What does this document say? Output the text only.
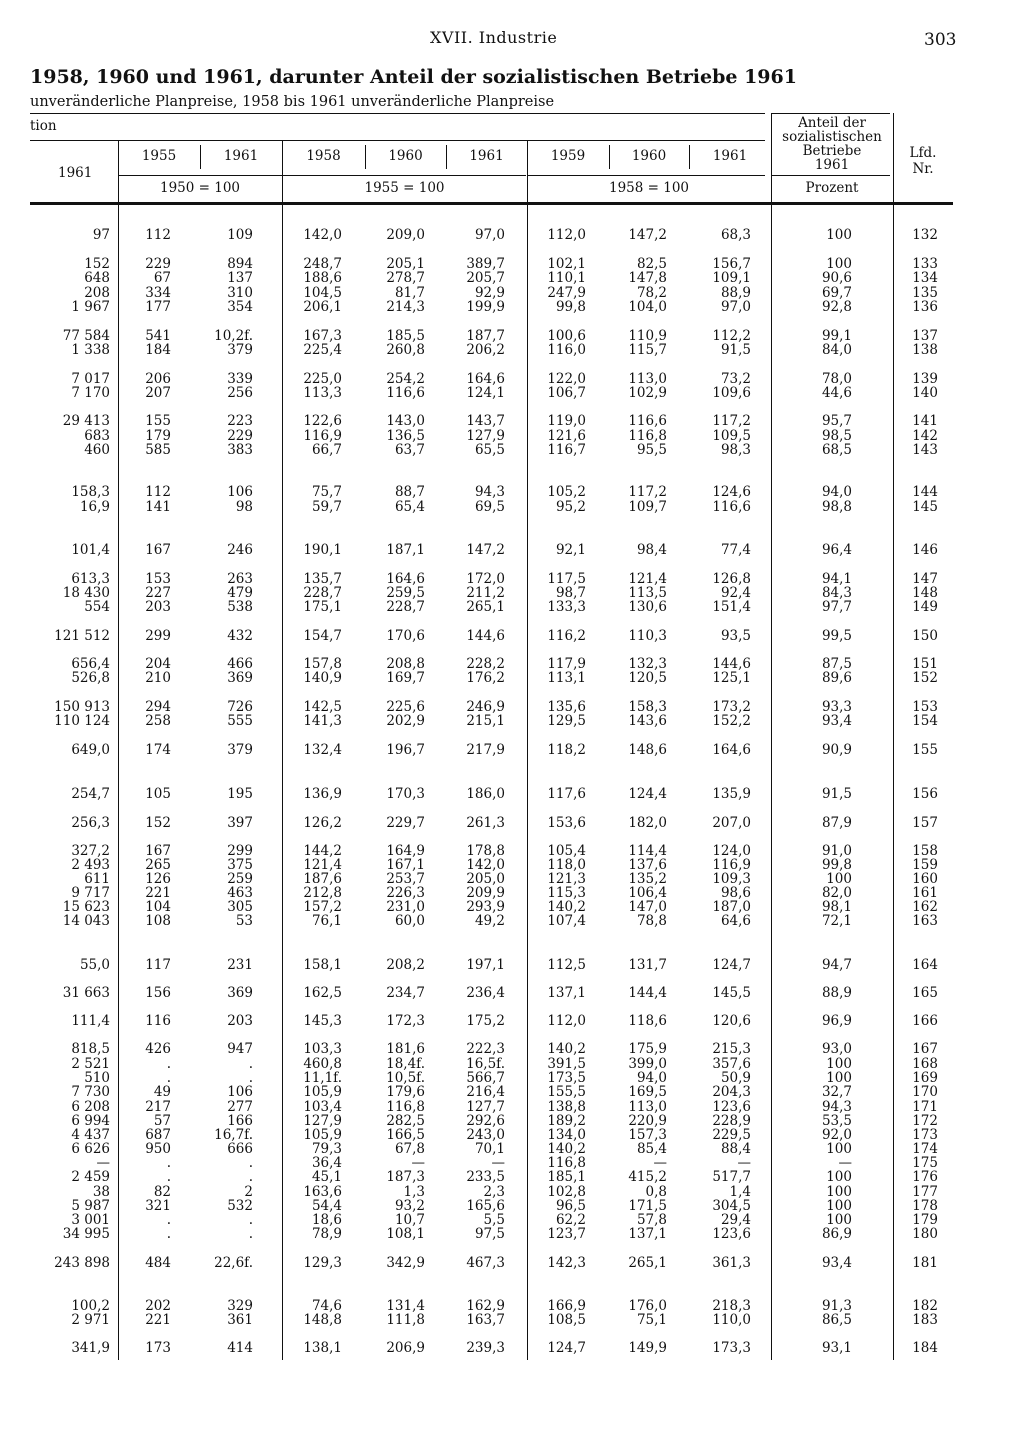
XVII. Industrie	303
1958, 1960 und 1961, darunter Anteil der sozialistischen Betriebe 1961
unveränderliche Planpreise, 1958 bis 1961 unveränderliche Planpreise
tion
1961
1955	1961
1950 = 100
1958	1960	1961
1955 = 100
1959	1960	1961
1958 = 100
Anteil der
sozialistischen
Betriebe
1961
Prozent
Lfd.
Nr.
97	112	109	142,0	209,0	97,0	112,0	147,2	68,3	100	132
152	229	894	248,7	205,1	389,7	102,1	82,5	156,7	100	133
648	67	137	188,6	278,7	205,7	110,1	147,8	109,1	90,6	134
208	334	310	104,5	81,7	92,9	247,9	78,2	88,9	69,7	135
1 967	177	354	206,1	214,3	199,9	99,8	104,0	97,0	92,8	136
77 584	541	10,2f.	167,3	185,5	187,7	100,6	110,9	112,2	99,1	137
1 338	184	379	225,4	260,8	206,2	116,0	115,7	91,5	84,0	138
7 017	206	339	225,0	254,2	164,6	122,0	113,0	73,2	78,0	139
7 170	207	256	113,3	116,6	124,1	106,7	102,9	109,6	44,6	140
29 413	155	223	122,6	143,0	143,7	119,0	116,6	117,2	95,7	141
683	179	229	116,9	136,5	127,9	121,6	116,8	109,5	98,5	142
460	585	383	66,7	63,7	65,5	116,7	95,5	98,3	68,5	143
158,3	112	106	75,7	88,7	94,3	105,2	117,2	124,6	94,0	144
16,9	141	98	59,7	65,4	69,5	95,2	109,7	116,6	98,8	145
101,4	167	246	190,1	187,1	147,2	92,1	98,4	77,4	96,4	146
613,3	153	263	135,7	164,6	172,0	117,5	121,4	126,8	94,1	147
18 430	227	479	228,7	259,5	211,2	98,7	113,5	92,4	84,3	148
554	203	538	175,1	228,7	265,1	133,3	130,6	151,4	97,7	149
121 512	299	432	154,7	170,6	144,6	116,2	110,3	93,5	99,5	150
656,4	204	466	157,8	208,8	228,2	117,9	132,3	144,6	87,5	151
526,8	210	369	140,9	169,7	176,2	113,1	120,5	125,1	89,6	152
150 913	294	726	142,5	225,6	246,9	135,6	158,3	173,2	93,3	153
110 124	258	555	141,3	202,9	215,1	129,5	143,6	152,2	93,4	154
649,0	174	379	132,4	196,7	217,9	118,2	148,6	164,6	90,9	155
254,7	105	195	136,9	170,3	186,0	117,6	124,4	135,9	91,5	156
256,3	152	397	126,2	229,7	261,3	153,6	182,0	207,0	87,9	157
327,2	167	299	144,2	164,9	178,8	105,4	114,4	124,0	91,0	158
2 493	265	375	121,4	167,1	142,0	118,0	137,6	116,9	99,8	159
611	126	259	187,6	253,7	205,0	121,3	135,2	109,3	100	160
9 717	221	463	212,8	226,3	209,9	115,3	106,4	98,6	82,0	161
15 623	104	305	157,2	231,0	293,9	140,2	147,0	187,0	98,1	162
14 043	108	53	76,1	60,0	49,2	107,4	78,8	64,6	72,1	163
55,0	117	231	158,1	208,2	197,1	112,5	131,7	124,7	94,7	164
31 663	156	369	162,5	234,7	236,4	137,1	144,4	145,5	88,9	165
111,4	116	203	145,3	172,3	175,2	112,0	118,6	120,6	96,9	166
818,5	426	947	103,3	181,6	222,3	140,2	175,9	215,3	93,0	167
2 521	.	.	460,8	18,4f.	16,5f.	391,5	399,0	357,6	100	168
510	.	.	11,1f.	10,5f.	566,7	173,5	94,0	50,9	100	169
7 730	49	106	105,9	179,6	216,4	155,5	169,5	204,3	32,7	170
6 208	217	277	103,4	116,8	127,7	138,8	113,0	123,6	94,3	171
6 994	57	166	127,9	282,5	292,6	189,2	220,9	228,9	53,5	172
4 437	687	16,7f.	105,9	166,5	243,0	134,0	157,3	229,5	92,0	173
6 626	950	666	79,3	67,8	70,1	140,2	85,4	88,4	100	174
—	.	.	36,4	—	—	116,8	—	—	—	175
2 459	.	.	45,1	187,3	233,5	185,1	415,2	517,7	100	176
38	82	2	163,6	1,3	2,3	102,8	0,8	1,4	100	177
5 987	321	532	54,4	93,2	165,6	96,5	171,5	304,5	100	178
3 001	.	.	18,6	10,7	5,5	62,2	57,8	29,4	100	179
34 995	.	.	78,9	108,1	97,5	123,7	137,1	123,6	86,9	180
243 898	484	22,6f.	129,3	342,9	467,3	142,3	265,1	361,3	93,4	181
100,2	202	329	74,6	131,4	162,9	166,9	176,0	218,3	91,3	182
2 971	221	361	148,8	111,8	163,7	108,5	75,1	110,0	86,5	183
341,9	173	414	138,1	206,9	239,3	124,7	149,9	173,3	93,1	184
